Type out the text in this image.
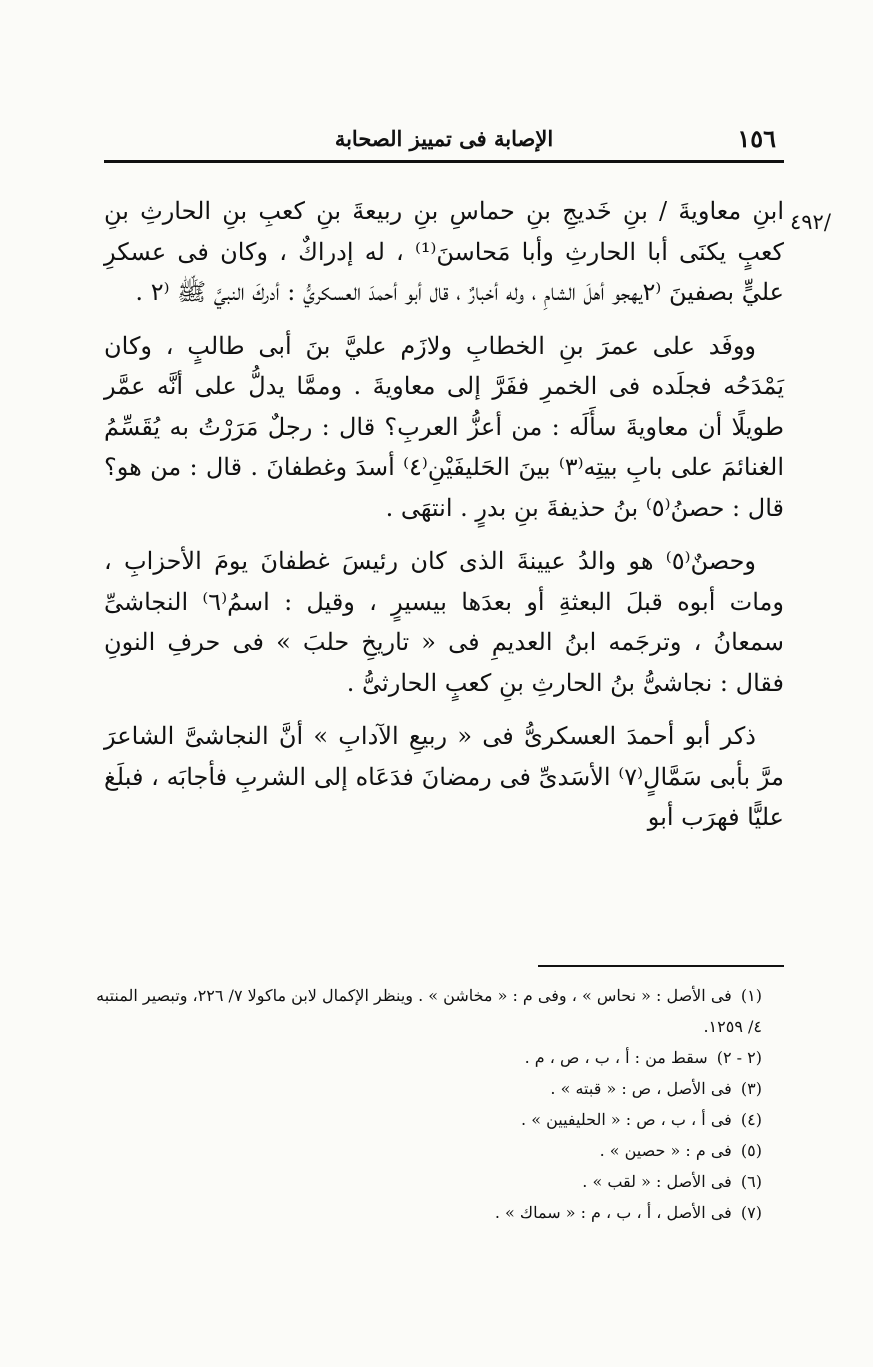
١٥٦
الإصابة فى تمييز الصحابة
٤٩٢/

ابنِ معاويةَ / بنِ خَديجِ بنِ حماسِ بنِ ربيعةَ بنِ كعبِ بنِ الحارثِ بنِ كعبٍ يكنَى أبا الحارثِ وأبا مَحاسنَ⁽¹⁾ ، له إدراكٌ ، وكان فى عسكرِ عليٍّ بصفينَ ⁽٢يهجو أهلَ الشامِ ، وله أخبارٌ ، قال أبو أحمدَ العسكريُّ : أدركَ النبيَّ ﷺ ⁽٢ .

ووفَد على عمرَ بنِ الخطابِ ولازَم عليَّ بنَ أبى طالبٍ ، وكان يَمْدَحُه فجلَده فى الخمرِ ففَرَّ إلى معاويةَ . وممَّا يدلُّ على أنَّه عمَّر طويلًا أن معاويةَ سأَلَه : من أعزُّ العربِ؟ قال : رجلٌ مَرَرْتُ به يُقَسِّمُ الغنائمَ على بابِ بيتِه⁽٣⁾ بينَ الحَليفَيْنِ⁽٤⁾ أسدَ وغطفانَ . قال : من هو؟ قال : حصنُ⁽٥⁾ بنُ حذيفةَ بنِ بدرٍ . انتهَى .

وحصنٌ⁽٥⁾ هو والدُ عيينةَ الذى كان رئيسَ غطفانَ يومَ الأحزابِ ، ومات أبوه قبلَ البعثةِ أو بعدَها بيسيرٍ ، وقيل : اسمُ⁽٦⁾ النجاشىِّ سمعانُ ، وترجَمه ابنُ العديمِ فى « تاريخِ حلبَ » فى حرفِ النونِ فقال : نجاشىُّ بنُ الحارثِ بنِ كعبٍ الحارثىُّ .

ذكر أبو أحمدَ العسكرىُّ فى « ربيعِ الآدابِ » أنَّ النجاشىَّ الشاعرَ مرَّ بأبى سَمَّالٍ⁽٧⁾ الأسَدىِّ فى رمضانَ فدَعَاه إلى الشربِ فأجابَه ، فبلَغ عليًّا فهرَب أبو

(١) فى الأصل : « نحاس » ، وفى م : « مخاشن » . وينظر الإكمال لابن ماكولا ٧/ ٢٢٦، وتبصير المنتبه ٤/ ١٢٥٩.

(٢ - ٢) سقط من : أ ، ب ، ص ، م .

(٣) فى الأصل ، ص : « قبته » .

(٤) فى أ ، ب ، ص : « الحليفيين » .

(٥) فى م : « حصين » .

(٦) فى الأصل : « لقب » .

(٧) فى الأصل ، أ ، ب ، م : « سماك » .
